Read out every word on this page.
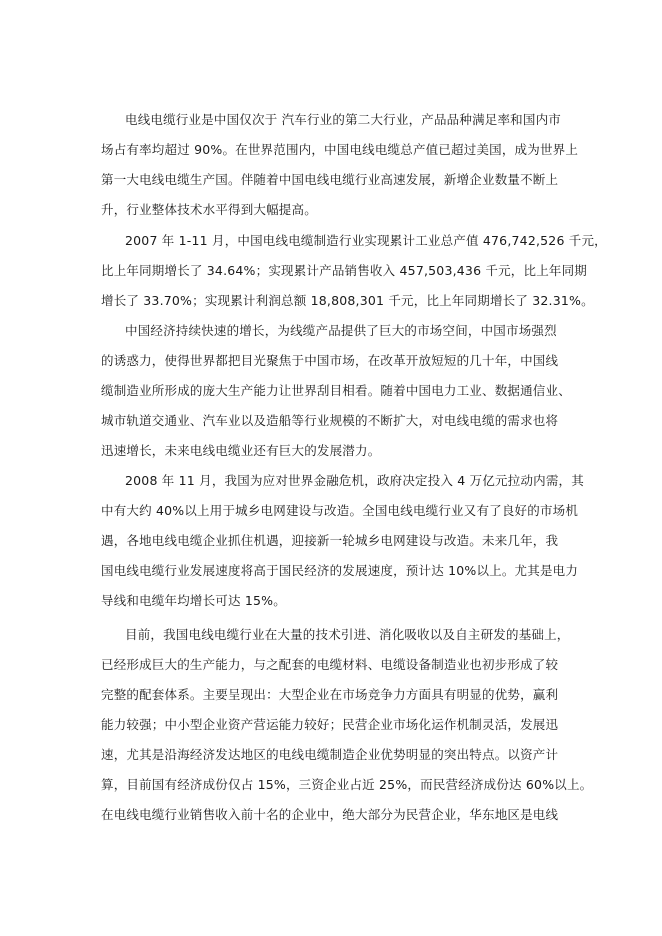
电线电缆行业是中国仅次于 汽车行业的第二大行业，产品品种满足率和国内市
场占有率均超过 90%。在世界范围内，中国电线电缆总产值已超过美国，成为世界上
第一大电线电缆生产国。伴随着中国电线电缆行业高速发展，新增企业数量不断上
升，行业整体技术水平得到大幅提高。
2007 年 1-11 月，中国电线电缆制造行业实现累计工业总产值 476,742,526 千元，
比上年同期增长了 34.64%；实现累计产品销售收入 457,503,436 千元，比上年同期
增长了 33.70%；实现累计利润总额 18,808,301 千元，比上年同期增长了 32.31%。
中国经济持续快速的增长，为线缆产品提供了巨大的市场空间，中国市场强烈
的诱惑力，使得世界都把目光聚焦于中国市场，在改革开放短短的几十年，中国线
缆制造业所形成的庞大生产能力让世界刮目相看。随着中国电力工业、数据通信业、
城市轨道交通业、汽车业以及造船等行业规模的不断扩大，对电线电缆的需求也将
迅速增长，未来电线电缆业还有巨大的发展潜力。
2008 年 11 月，我国为应对世界金融危机，政府决定投入 4 万亿元拉动内需，其
中有大约 40%以上用于城乡电网建设与改造。全国电线电缆行业又有了良好的市场机
遇，各地电线电缆企业抓住机遇，迎接新一轮城乡电网建设与改造。未来几年，我
国电线电缆行业发展速度将高于国民经济的发展速度，预计达 10%以上。尤其是电力
导线和电缆年均增长可达 15%。
目前，我国电线电缆行业在大量的技术引进、消化吸收以及自主研发的基础上，
已经形成巨大的生产能力，与之配套的电缆材料、电缆设备制造业也初步形成了较
完整的配套体系。主要呈现出：大型企业在市场竞争力方面具有明显的优势，赢利
能力较强；中小型企业资产营运能力较好；民营企业市场化运作机制灵活，发展迅
速，尤其是沿海经济发达地区的电线电缆制造企业优势明显的突出特点。以资产计
算，目前国有经济成份仅占 15%，三资企业占近 25%，而民营经济成份达 60%以上。
在电线电缆行业销售收入前十名的企业中，绝大部分为民营企业，华东地区是电线
